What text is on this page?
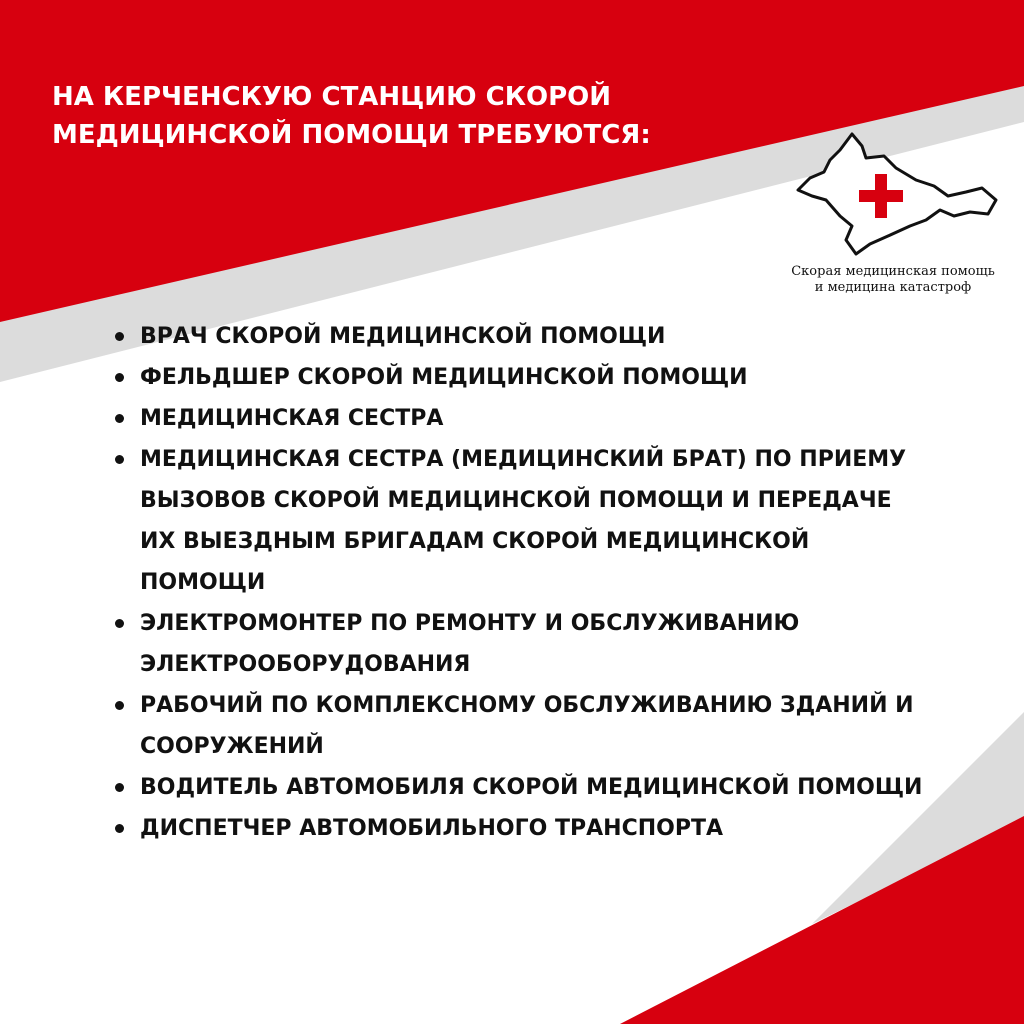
НА КЕРЧЕНСКУЮ СТАНЦИЮ СКОРОЙ
МЕДИЦИНСКОЙ ПОМОЩИ ТРЕБУЮТСЯ:
Скорая медицинская помощь
и медицина катастроф
ВРАЧ СКОРОЙ МЕДИЦИНСКОЙ ПОМОЩИ
ФЕЛЬДШЕР СКОРОЙ МЕДИЦИНСКОЙ ПОМОЩИ
МЕДИЦИНСКАЯ СЕСТРА
МЕДИЦИНСКАЯ СЕСТРА (МЕДИЦИНСКИЙ БРАТ) ПО ПРИЕМУ
ВЫЗОВОВ СКОРОЙ МЕДИЦИНСКОЙ ПОМОЩИ И ПЕРЕДАЧЕ
ИХ ВЫЕЗДНЫМ БРИГАДАМ СКОРОЙ МЕДИЦИНСКОЙ
ПОМОЩИ
ЭЛЕКТРОМОНТЕР ПО РЕМОНТУ И ОБСЛУЖИВАНИЮ
ЭЛЕКТРООБОРУДОВАНИЯ
РАБОЧИЙ ПО КОМПЛЕКСНОМУ ОБСЛУЖИВАНИЮ ЗДАНИЙ И
СООРУЖЕНИЙ
ВОДИТЕЛЬ АВТОМОБИЛЯ СКОРОЙ МЕДИЦИНСКОЙ ПОМОЩИ
ДИСПЕТЧЕР АВТОМОБИЛЬНОГО ТРАНСПОРТА
